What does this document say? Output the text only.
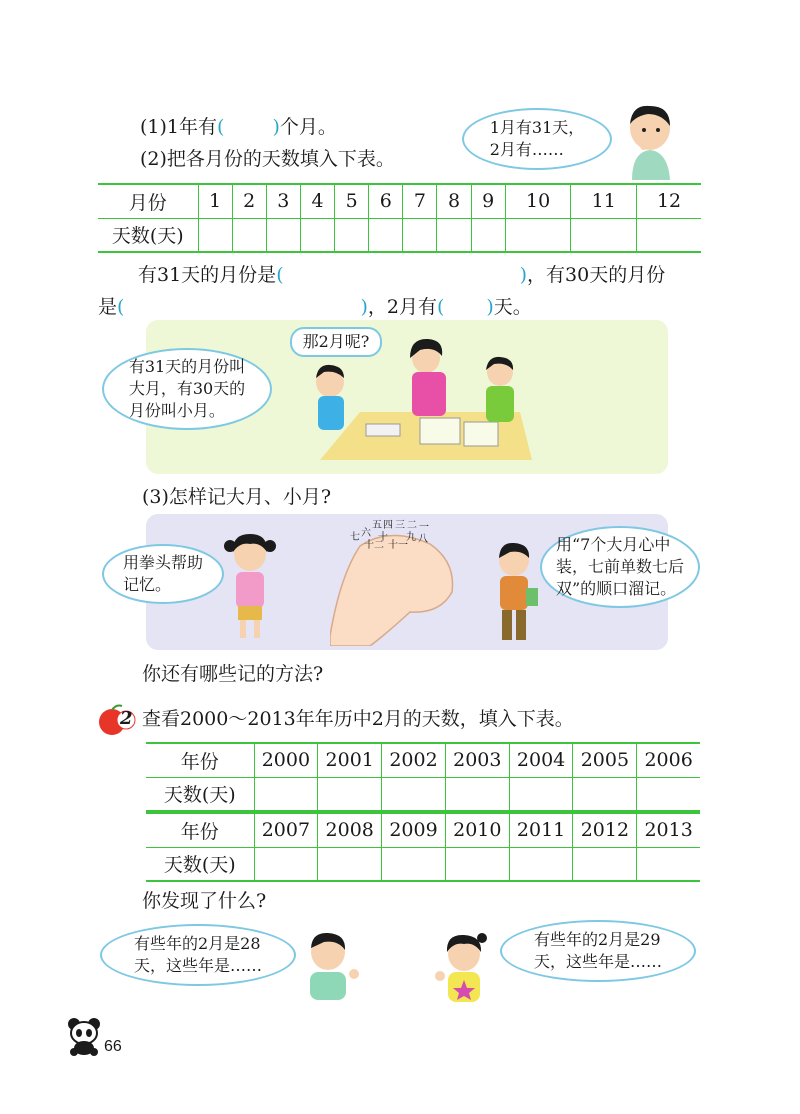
(1)1年有(	)个月。
(2)把各月份的天数填入下表。
1月有31天，
2月有……
月份	1	2	3	4	5	6	7	8	9	10	11	12
天数(天)												
有31天的月份是(	)，有30天的月份
是(	)，2月有( )天。
那2月呢?
有31天的月份叫
大月，有30天的
月份叫小月。
(3)怎样记大月、小月?
七 六
五 四 三 二 一
十
十二 十一
九 八
用拳头帮助
记忆。
用“7个大月心中
装，七前单数七后
双”的顺口溜记。
你还有哪些记的方法?
2 查看2000～2013年年历中2月的天数，填入下表。
年份	2000	2001	2002	2003	2004	2005	2006
天数(天)							
年份	2007	2008	2009	2010	2011	2012	2013
天数(天)							
你发现了什么?
有些年的2月是28
天，这些年是……
有些年的2月是29
天，这些年是……
66
